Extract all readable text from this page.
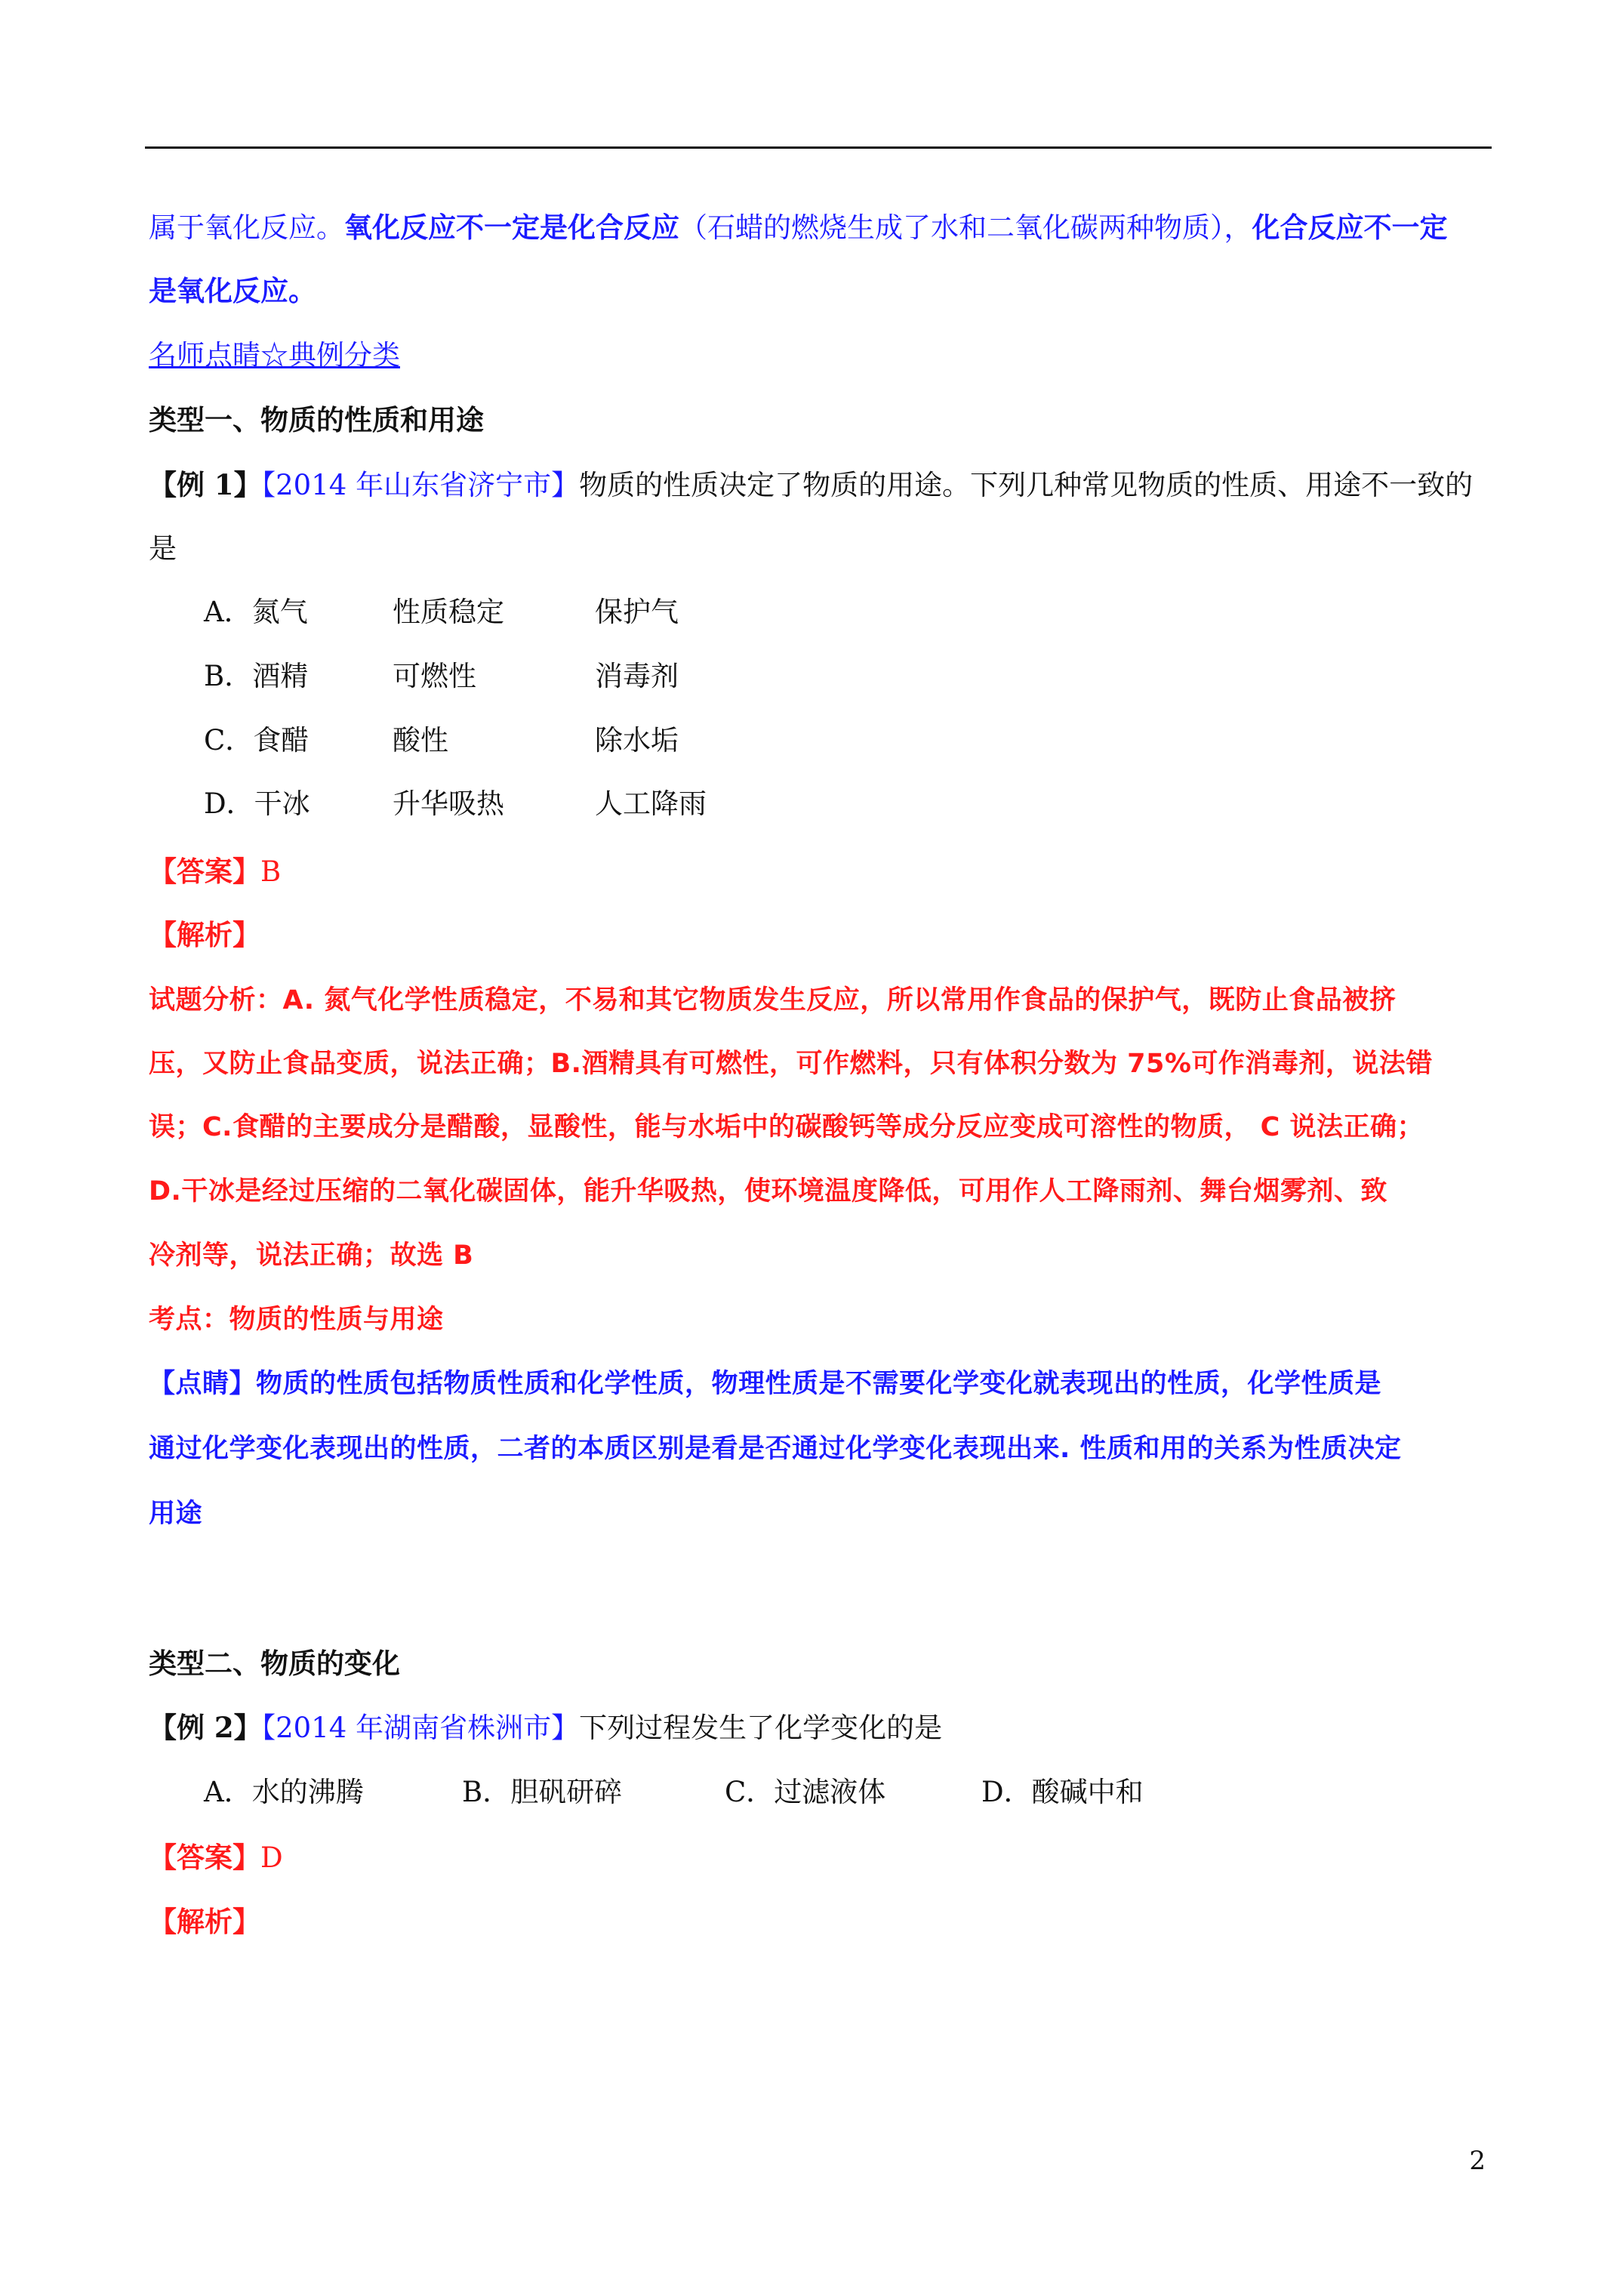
属于氧化反应。氧化反应不一定是化合反应（石蜡的燃烧生成了水和二氧化碳两种物质），化合反应不一定
是氧化反应。
名师点睛☆典例分类
类型一、物质的性质和用途
【例 1】【2014 年山东省济宁市】物质的性质决定了物质的用途。下列几种常见物质的性质、用途不一致的
是
A．氮气	性质稳定	保护气
B．酒精	可燃性	消毒剂
C．食醋	酸性	除水垢
D．干冰	升华吸热	人工降雨
【答案】B
【解析】
试题分析：A. 氮气化学性质稳定，不易和其它物质发生反应，所以常用作食品的保护气，既防止食品被挤
压，又防止食品变质，说法正确；B.酒精具有可燃性，可作燃料，只有体积分数为 75%可作消毒剂，说法错
误；C.食醋的主要成分是醋酸，显酸性，能与水垢中的碳酸钙等成分反应变成可溶性的物质， C 说法正确；
D.干冰是经过压缩的二氧化碳固体，能升华吸热，使环境温度降低，可用作人工降雨剂、舞台烟雾剂、致
冷剂等，说法正确；故选 B
考点：物质的性质与用途
【点睛】物质的性质包括物质性质和化学性质，物理性质是不需要化学变化就表现出的性质，化学性质是
通过化学变化表现出的性质，二者的本质区别是看是否通过化学变化表现出来. 性质和用的关系为性质决定
用途
类型二、物质的变化
【例 2】【2014 年湖南省株洲市】下列过程发生了化学变化的是
A．水的沸腾	B．胆矾研碎	C．过滤液体	D．酸碱中和
【答案】D
【解析】
2
